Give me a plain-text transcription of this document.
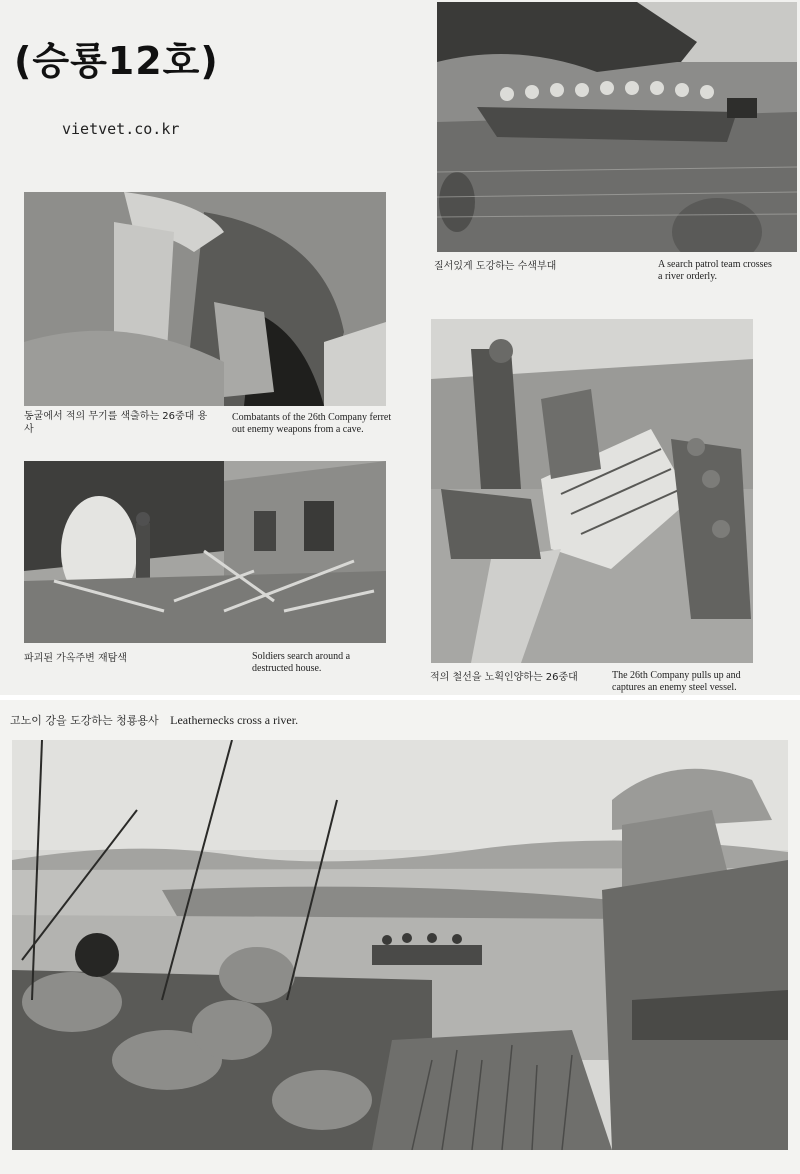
(승룡12호)
vietvet.co.kr
질서있게 도강하는 수색부대	A search patrol team crosses a river orderly.
동굴에서 적의 무기를 색출하는 26중대 용사
Combatants of the 26th Company ferret out enemy weapons from a cave.
파괴된 가옥주변 재탐색	Soldiers search around a destructed house.
적의 철선을 노획인양하는 26중대	The 26th Company pulls up and captures an enemy steel vessel.
고노이 강을 도강하는 청룡용사 Leathernecks cross a river.
